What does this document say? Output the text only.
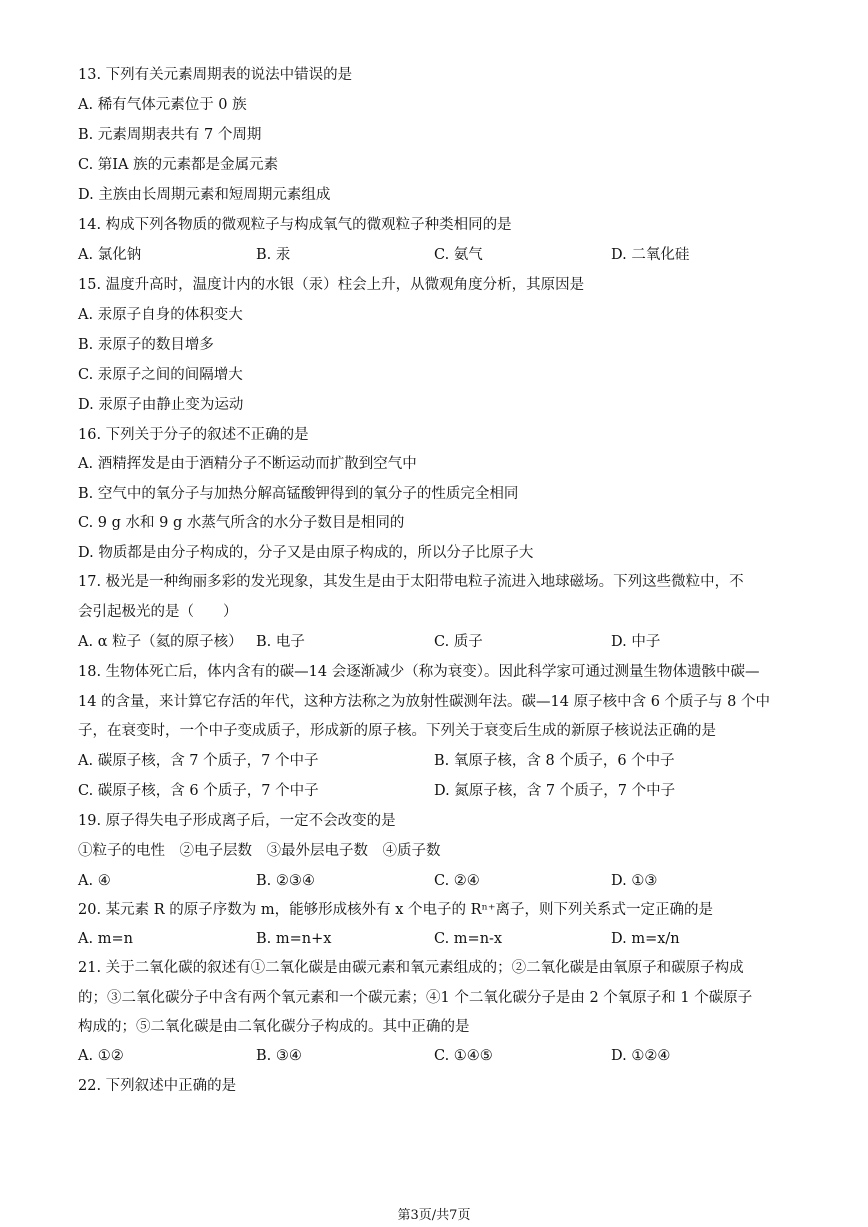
13. 下列有关元素周期表的说法中错误的是
A. 稀有气体元素位于 0 族
B. 元素周期表共有 7 个周期
C. 第IA 族的元素都是金属元素
D. 主族由长周期元素和短周期元素组成
14. 构成下列各物质的微观粒子与构成氧气的微观粒子种类相同的是
A. 氯化钠	B. 汞	C. 氨气	D. 二氧化硅
15. 温度升高时，温度计内的水银（汞）柱会上升，从微观角度分析，其原因是
A. 汞原子自身的体积变大
B. 汞原子的数目增多
C. 汞原子之间的间隔增大
D. 汞原子由静止变为运动
16. 下列关于分子的叙述不正确的是
A. 酒精挥发是由于酒精分子不断运动而扩散到空气中
B. 空气中的氧分子与加热分解高锰酸钾得到的氧分子的性质完全相同
C. 9 g 水和 9 g 水蒸气所含的水分子数目是相同的
D. 物质都是由分子构成的，分子又是由原子构成的，所以分子比原子大
17. 极光是一种绚丽多彩的发光现象，其发生是由于太阳带电粒子流进入地球磁场。下列这些微粒中，不
会引起极光的是（　　）
A. α 粒子（氦的原子核） B. 电子	C. 质子	D. 中子
18. 生物体死亡后，体内含有的碳—14 会逐渐减少（称为衰变）。因此科学家可通过测量生物体遗骸中碳—
14 的含量，来计算它存活的年代，这种方法称之为放射性碳测年法。碳—14 原子核中含 6 个质子与 8 个中
子，在衰变时，一个中子变成质子，形成新的原子核。下列关于衰变后生成的新原子核说法正确的是
A. 碳原子核，含 7 个质子，7 个中子	B. 氧原子核，含 8 个质子，6 个中子
C. 碳原子核，含 6 个质子，7 个中子	D. 氮原子核，含 7 个质子，7 个中子
19. 原子得失电子形成离子后，一定不会改变的是
①粒子的电性　②电子层数　③最外层电子数　④质子数
A. ④	B. ②③④	C. ②④	D. ①③
20. 某元素 R 的原子序数为 m，能够形成核外有 x 个电子的 Rⁿ⁺离子，则下列关系式一定正确的是
A. m=n	B. m=n+x	C. m=n-x	D. m=x/n
21. 关于二氧化碳的叙述有①二氧化碳是由碳元素和氧元素组成的；②二氧化碳是由氧原子和碳原子构成
的；③二氧化碳分子中含有两个氧元素和一个碳元素；④1 个二氧化碳分子是由 2 个氧原子和 1 个碳原子
构成的；⑤二氧化碳是由二氧化碳分子构成的。其中正确的是
A. ①②	B. ③④	C. ①④⑤	D. ①②④
22. 下列叙述中正确的是
第3页/共7页
